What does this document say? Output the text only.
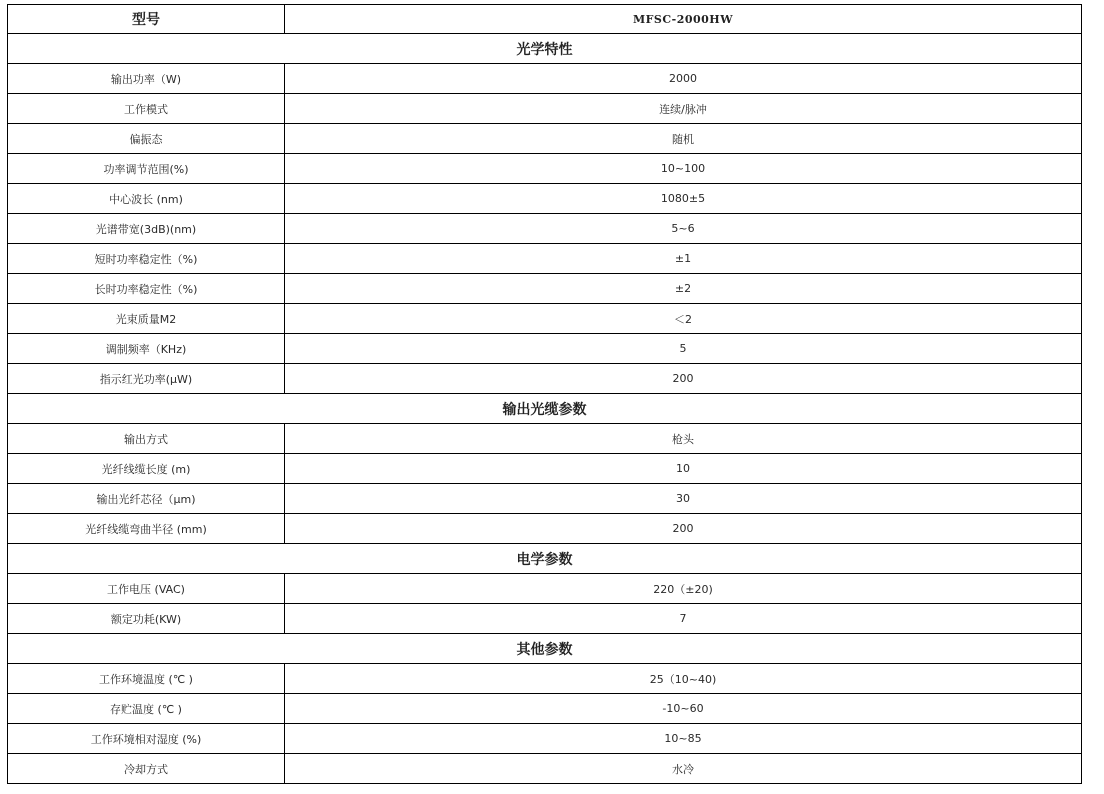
型号	MFSC-2000HW
光学特性	
输出功率（W)	2000
工作模式	连续/脉冲
偏振态	随机
功率调节范围(%)	10~100
中心波长 (nm)	1080±5
光谱带宽(3dB)(nm)	5~6
短时功率稳定性（%)	±1
长时功率稳定性（%)	±2
光束质量M2	＜2
调制频率（KHz)	5
指示红光功率(μW)	200
输出光缆参数	
输出方式	枪头
光纤线缆长度 (m)	10
输出光纤芯径（μm)	30
光纤线缆弯曲半径 (mm)	200
电学参数	
工作电压 (VAC)	220（±20)
额定功耗(KW)	7
其他参数	
工作环境温度 (℃ )	25（10~40)
存贮温度 (℃ )	-10~60
工作环境相对湿度 (%)	10~85
冷却方式	水冷
